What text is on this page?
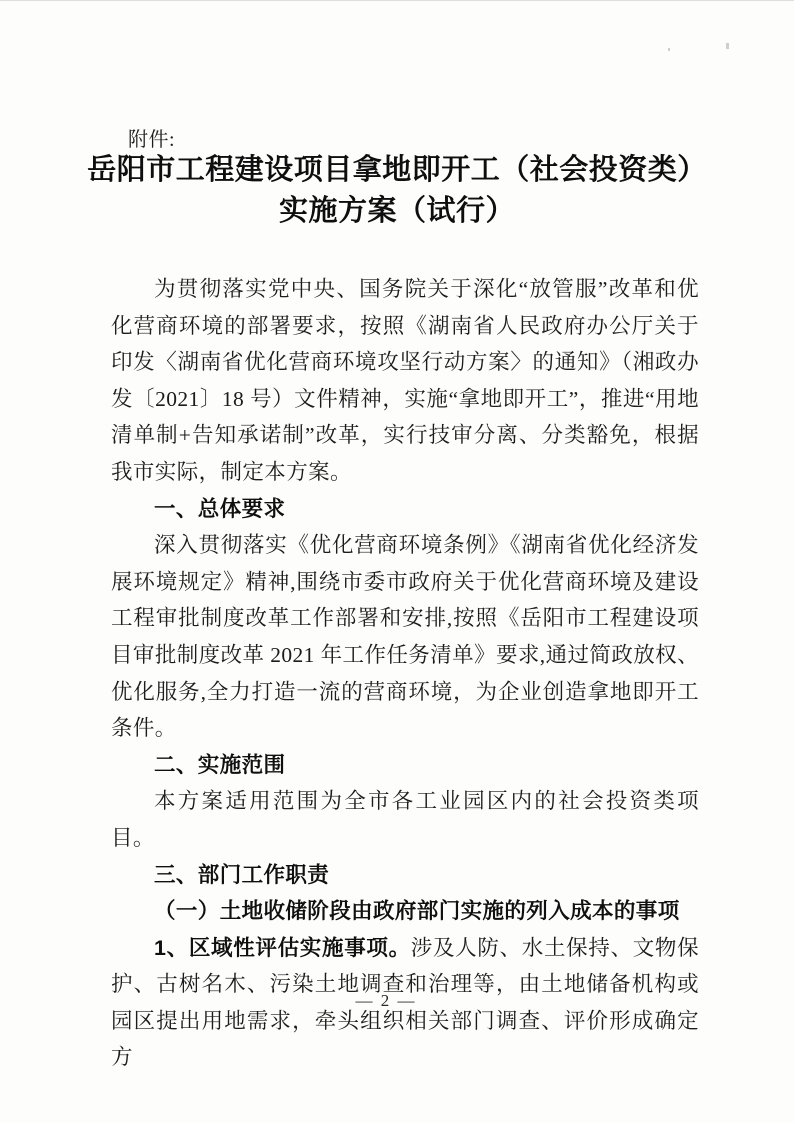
附件:
岳阳市工程建设项目拿地即开工（社会投资类）
实施方案（试行）

为贯彻落实党中央、国务院关于深化“放管服”改革和优化营商环境的部署要求，按照《湖南省人民政府办公厅关于印发〈湖南省优化营商环境攻坚行动方案〉的通知》（湘政办发〔2021〕18 号）文件精神，实施“拿地即开工”，推进“用地清单制+告知承诺制”改革，实行技审分离、分类豁免，根据我市实际，制定本方案。

一、总体要求

深入贯彻落实《优化营商环境条例》《湖南省优化经济发展环境规定》精神,围绕市委市政府关于优化营商环境及建设工程审批制度改革工作部署和安排,按照《岳阳市工程建设项目审批制度改革 2021 年工作任务清单》要求,通过简政放权、优化服务,全力打造一流的营商环境，为企业创造拿地即开工条件。

二、实施范围

本方案适用范围为全市各工业园区内的社会投资类项目。

三、部门工作职责

（一）土地收储阶段由政府部门实施的列入成本的事项

1、区域性评估实施事项。涉及人防、水土保持、文物保护、古树名木、污染土地调查和治理等，由土地储备机构或园区提出用地需求，牵头组织相关部门调查、评价形成确定方

— 2 —
